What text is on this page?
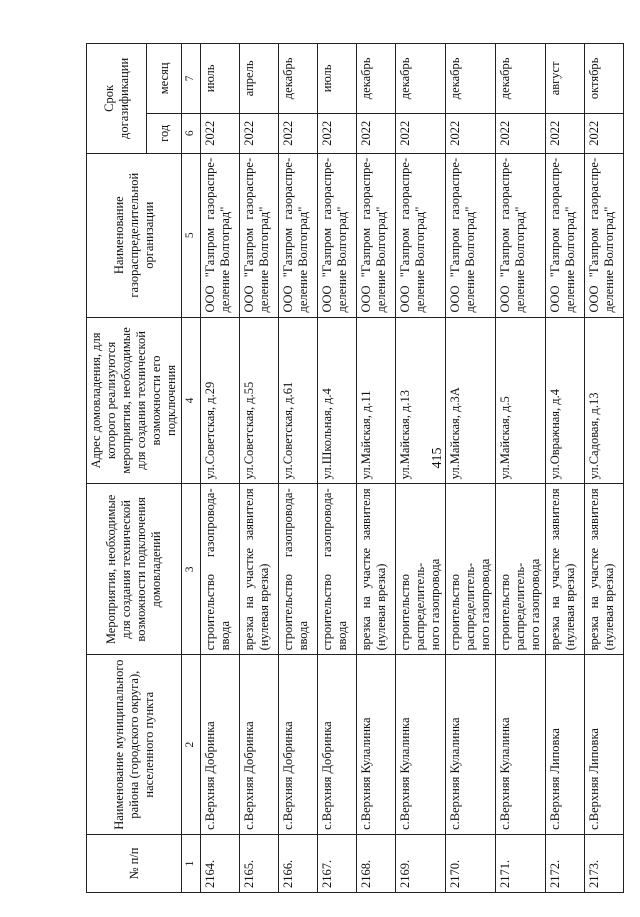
415
№ п/п	Наименование муниципального района (городского округа), населенного пункта	Мероприятия, необходимые для создания технической возможности подключения домовладений	Адрес домовладения, для которого реализуются мероприятия, необходимые для создания технической возможности его подключения	Наименование газораспределительной организации	Срок догазификации	
					год	месяц
1	2	3	4	5	6	7
2164.	с.Верхняя Добринка	строительство газопровода- ввода	ул.Советская, д.29	ООО "Газпром газораспре- деление Волгоград"	2022	июль
2165.	с.Верхняя Добринка	врезка на участке заявителя (нулевая врезка)	ул.Советская, д.55	ООО "Газпром газораспре- деление Волгоград"	2022	апрель
2166.	с.Верхняя Добринка	строительство газопровода- ввода	ул.Советская, д.61	ООО "Газпром газораспре- деление Волгоград"	2022	декабрь
2167.	с.Верхняя Добринка	строительство газопровода- ввода	ул.Школьная, д.4	ООО "Газпром газораспре- деление Волгоград"	2022	июль
2168.	с.Верхняя Кулалинка	врезка на участке заявителя (нулевая врезка)	ул.Майская, д.11	ООО "Газпром газораспре- деление Волгоград"	2022	декабрь
2169.	с.Верхняя Кулалинка	строительство распределитель- ного газопровода	ул.Майская, д.13	ООО "Газпром газораспре- деление Волгоград"	2022	декабрь
2170.	с.Верхняя Кулалинка	строительство распределитель- ного газопровода	ул.Майская, д.3А	ООО "Газпром газораспре- деление Волгоград"	2022	декабрь
2171.	с.Верхняя Кулалинка	строительство распределитель- ного газопровода	ул.Майская, д.5	ООО "Газпром газораспре- деление Волгоград"	2022	декабрь
2172.	с.Верхняя Липовка	врезка на участке заявителя (нулевая врезка)	ул.Овражная, д.4	ООО "Газпром газораспре- деление Волгоград"	2022	август
2173.	с.Верхняя Липовка	врезка на участке заявителя (нулевая врезка)	ул.Садовая, д.13	ООО "Газпром газораспре- деление Волгоград"	2022	октябрь
